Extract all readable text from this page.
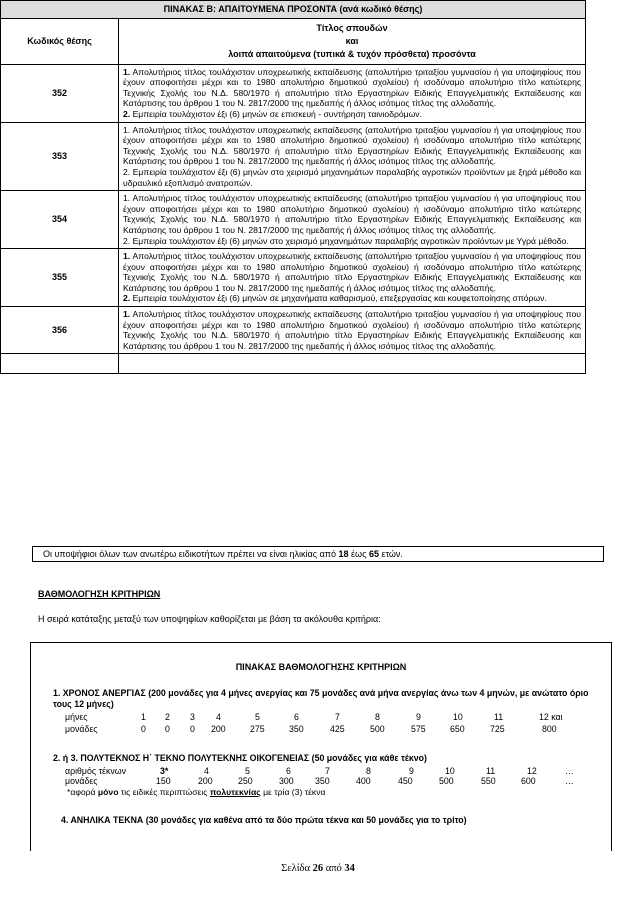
ΠΙΝΑΚΑΣ Β: ΑΠΑΙΤΟΥΜΕΝΑ ΠΡΟΣΟΝΤΑ (ανά κωδικό θέσης)	
Κωδικός θέσης	Τίτλος σπουδών
και
λοιπά απαιτούμενα (τυπικά & τυχόν πρόσθετα) προσόντα

352	1. Απολυτήριος τίτλος τουλάχιστον υποχρεωτικής εκπαίδευσης (απολυτήριο τριταξίου γυμνασίου ή για υποψηφίους που έχουν αποφοιτήσει μέχρι και το 1980 απολυτήριο δημοτικού σχολείου) ή ισοδύναμο απολυτήριο τίτλο κατώτερης Τεχνικής Σχολής του Ν.Δ. 580/1970 ή απολυτήριο τίτλο Εργαστηρίων Ειδικής Επαγγελματικής Εκπαίδευσης και Κατάρτισης του άρθρου 1 του Ν. 2817/2000 της ημεδαπής ή άλλος ισότιμος τίτλος της αλλοδαπής.

2. Εμπειρία τουλάχιστον έξι (6) μηνών σε επισκευή - συντήρηση ταινιοδρόμων.

353	1. Απολυτήριος τίτλος τουλάχιστον υποχρεωτικής εκπαίδευσης (απολυτήριο τριταξίου γυμνασίου ή για υποψηφίους που έχουν αποφοιτήσει μέχρι και το 1980 απολυτήριο δημοτικού σχολείου) ή ισοδύναμο απολυτήριο τίτλο κατώτερης Τεχνικής Σχολής του Ν.Δ. 580/1970 ή απολυτήριο τίτλο Εργαστηρίων Ειδικής Επαγγελματικής Εκπαίδευσης και Κατάρτισης του άρθρου 1 του Ν. 2817/2000 της ημεδαπής ή άλλος ισότιμος τίτλος της αλλοδαπής.

2. Εμπειρία τουλάχιστον έξι (6) μηνών στο χειρισμό μηχανημάτων παραλαβής αγροτικών προϊόντων με ξηρά μέθοδο και υδραυλικό εξοπλισμό ανατροπών.

354	1. Απολυτήριος τίτλος τουλάχιστον υποχρεωτικής εκπαίδευσης (απολυτήριο τριταξίου γυμνασίου ή για υποψηφίους που έχουν αποφοιτήσει μέχρι και το 1980 απολυτήριο δημοτικού σχολείου) ή ισοδύναμο απολυτήριο τίτλο κατώτερης Τεχνικής Σχολής του Ν.Δ. 580/1970 ή απολυτήριο τίτλο Εργαστηρίων Ειδικής Επαγγελματικής Εκπαίδευσης και Κατάρτισης του άρθρου 1 του Ν. 2817/2000 της ημεδαπής ή άλλος ισότιμος τίτλος της αλλοδαπής.

2. Εμπειρία τουλάχιστον έξι (6) μηνών στο χειρισμό μηχανημάτων παραλαβής αγροτικών προϊόντων με Υγρά μέθοδο.

355	1. Απολυτήριος τίτλος τουλάχιστον υποχρεωτικής εκπαίδευσης (απολυτήριο τριταξίου γυμνασίου ή για υποψηφίους που έχουν αποφοιτήσει μέχρι και το 1980 απολυτήριο δημοτικού σχολείου) ή ισοδύναμο απολυτήριο τίτλο κατώτερης Τεχνικής Σχολής του Ν.Δ. 580/1970 ή απολυτήριο τίτλο Εργαστηρίων Ειδικής Επαγγελματικής Εκπαίδευσης και Κατάρτισης του άρθρου 1 του Ν. 2817/2000 της ημεδαπής ή άλλος ισότιμος τίτλος της αλλοδαπής.

2. Εμπειρία τουλάχιστον έξι (6) μηνών σε μηχανήματα καθαρισμού, επεξεργασίας και κουφετοποίησης σπόρων.

356	1. Απολυτήριος τίτλος τουλάχιστον υποχρεωτικής εκπαίδευσης (απολυτήριο τριταξίου γυμνασίου ή για υποψηφίους που έχουν αποφοιτήσει μέχρι και το 1980 απολυτήριο δημοτικού σχολείου) ή ισοδύναμο απολυτήριο τίτλο κατώτερης Τεχνικής Σχολής του Ν.Δ. 580/1970 ή απολυτήριο τίτλο Εργαστηρίων Ειδικής Επαγγελματικής Εκπαίδευσης και Κατάρτισης του άρθρου 1 του Ν. 2817/2000 της ημεδαπής ή άλλος ισότιμος τίτλος της αλλοδαπής.

Οι υποψήφιοι όλων των ανωτέρω ειδικοτήτων πρέπει να είναι ηλικίας από 18 έως 65 ετών.
ΒΑΘΜΟΛΟΓΗΣΗ ΚΡΙΤΗΡΙΩΝ
Η σειρά κατάταξης μεταξύ των υποψηφίων καθορίζεται με βάση τα ακόλουθα κριτήρια:
ΠΙΝΑΚΑΣ ΒΑΘΜΟΛΟΓΗΣΗΣ ΚΡΙΤΗΡΙΩΝ
1. ΧΡΟΝΟΣ ΑΝΕΡΓΙΑΣ (200 μονάδες για 4 μήνες ανεργίας και 75 μονάδες ανά μήνα ανεργίας άνω των 4 μηνών, με ανώτατο όριο τους 12 μήνες)
μήνες	1 2 3 4	5	6	7	8	9	10	11	12 και
μονάδες	0 0 0 200	275	350	425	500	575	650	725	800
2. ή 3. ΠΟΛΥΤΕΚΝΟΣ Η΄ ΤΕΚΝΟ ΠΟΛΥΤΕΚΝΗΣ ΟΙΚΟΓΕΝΕΙΑΣ (50 μονάδες για κάθε τέκνο)
αριθμός τέκνων	3*	4	5	6	7	8	9	10	11	12	…
μονάδες	150	200	250	300 350	400	450	500	550	600	…
*αφορά μόνο τις ειδικές περιπτώσεις πολυτεκνίας με τρία (3) τέκνα
4. ΑΝΗΛΙΚΑ ΤΕΚΝΑ (30 μονάδες για καθένα από τα δύο πρώτα τέκνα και 50 μονάδες για το τρίτο)
Σελίδα 26 από 34
